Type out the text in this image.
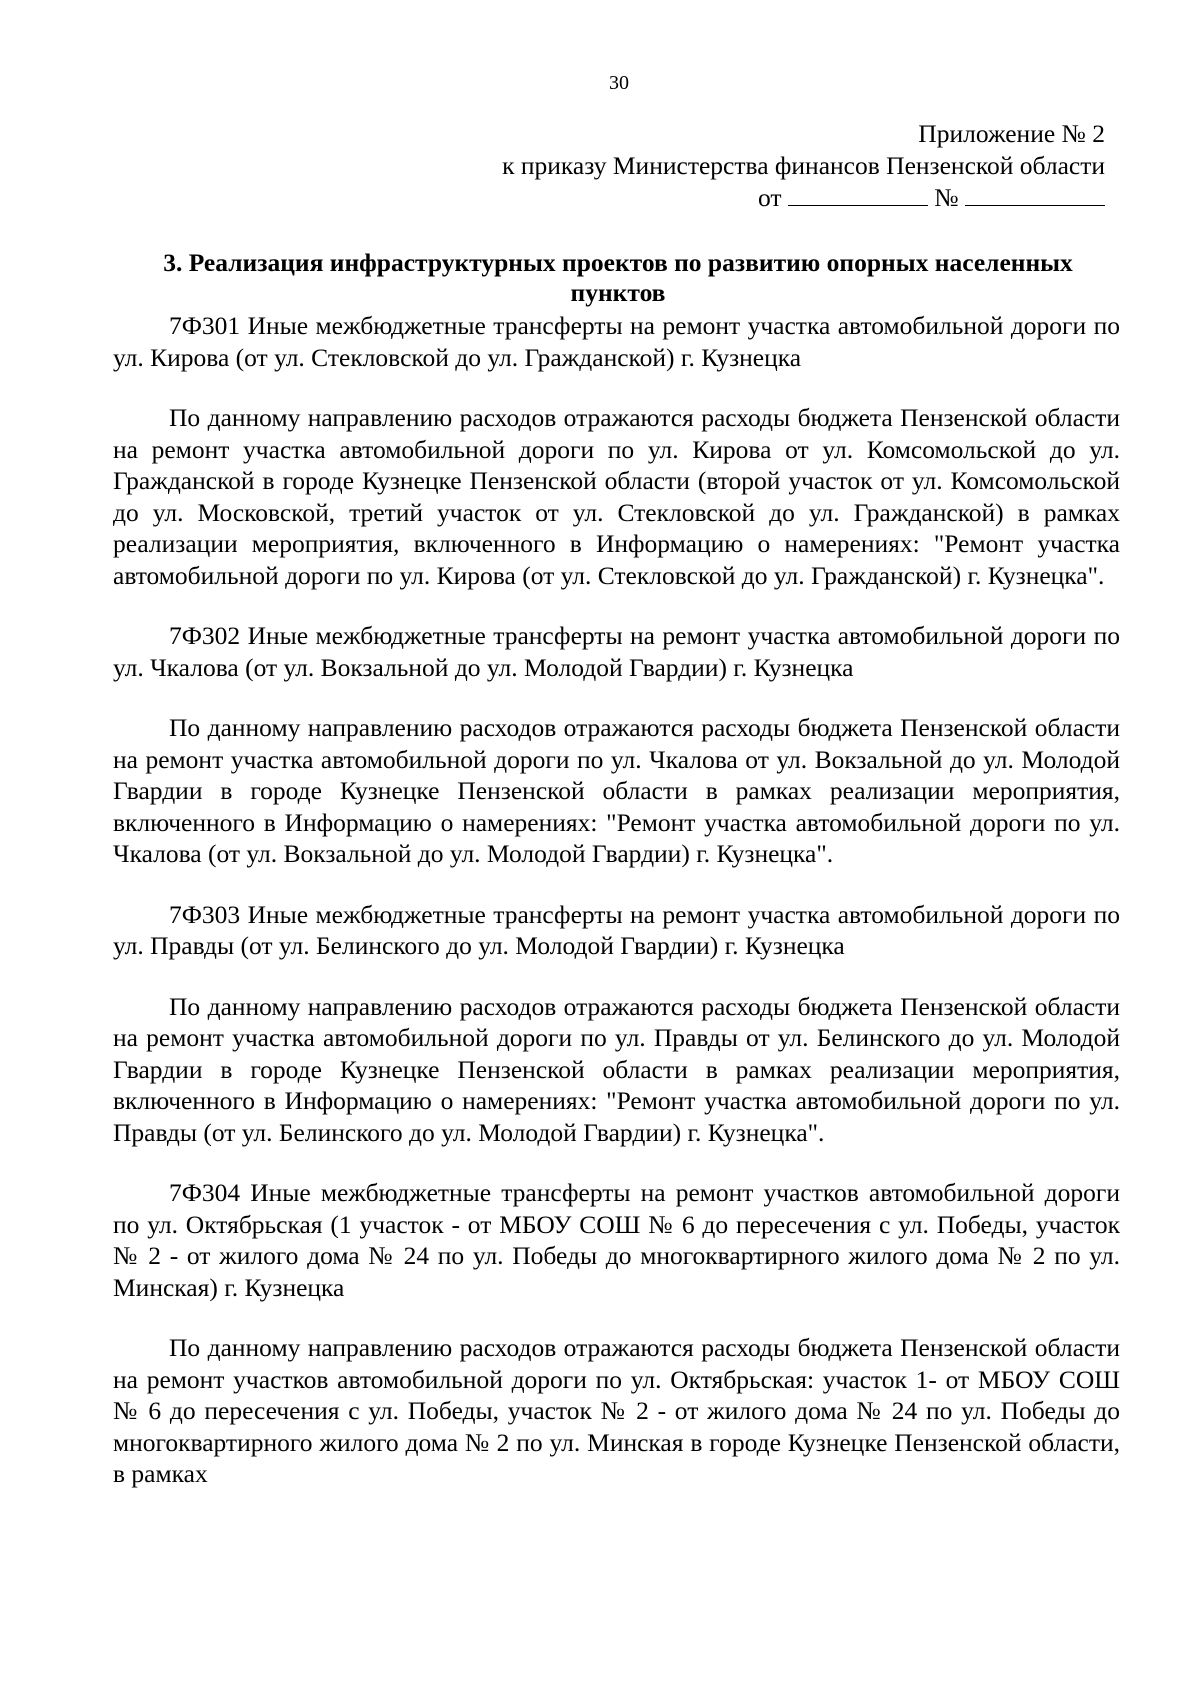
30
Приложение № 2
к приказу Министерства финансов Пензенской области
от	№
3. Реализация инфраструктурных проектов по развитию опорных населенных пунктов

7Ф301 Иные межбюджетные трансферты на ремонт участка автомобильной дороги по ул. Кирова (от ул. Стекловской до ул. Гражданской) г. Кузнецка

По данному направлению расходов отражаются расходы бюджета Пензенской области на ремонт участка автомобильной дороги по ул. Кирова от ул. Комсомольской до ул. Гражданской в городе Кузнецке Пензенской области (второй участок от ул. Комсомольской до ул. Московской, третий участок от ул. Стекловской до ул. Гражданской) в рамках реализации мероприятия, включенного в Информацию о намерениях: "Ремонт участка автомобильной дороги по ул. Кирова (от ул. Стекловской до ул. Гражданской) г. Кузнецка".

7Ф302 Иные межбюджетные трансферты на ремонт участка автомобильной дороги по ул. Чкалова (от ул. Вокзальной до ул. Молодой Гвардии) г. Кузнецка

По данному направлению расходов отражаются расходы бюджета Пензенской области на ремонт участка автомобильной дороги по ул. Чкалова от ул. Вокзальной до ул. Молодой Гвардии в городе Кузнецке Пензенской области в рамках реализации мероприятия, включенного в Информацию о намерениях: "Ремонт участка автомобильной дороги по ул. Чкалова (от ул. Вокзальной до ул. Молодой Гвардии) г. Кузнецка".

7Ф303 Иные межбюджетные трансферты на ремонт участка автомобильной дороги по ул. Правды (от ул. Белинского до ул. Молодой Гвардии) г. Кузнецка

По данному направлению расходов отражаются расходы бюджета Пензенской области на ремонт участка автомобильной дороги по ул. Правды от ул. Белинского до ул. Молодой Гвардии в городе Кузнецке Пензенской области в рамках реализации мероприятия, включенного в Информацию о намерениях: "Ремонт участка автомобильной дороги по ул. Правды (от ул. Белинского до ул. Молодой Гвардии) г. Кузнецка".

7Ф304 Иные межбюджетные трансферты на ремонт участков автомобильной дороги по ул. Октябрьская (1 участок - от МБОУ СОШ № 6 до пересечения с ул. Победы, участок № 2 - от жилого дома № 24 по ул. Победы до многоквартирного жилого дома № 2 по ул. Минская) г. Кузнецка

По данному направлению расходов отражаются расходы бюджета Пензенской области на ремонт участков автомобильной дороги по ул. Октябрьская: участок 1- от МБОУ СОШ № 6 до пересечения с ул. Победы, участок № 2 - от жилого дома № 24 по ул. Победы до многоквартирного жилого дома № 2 по ул. Минская в городе Кузнецке Пензенской области, в рамках
